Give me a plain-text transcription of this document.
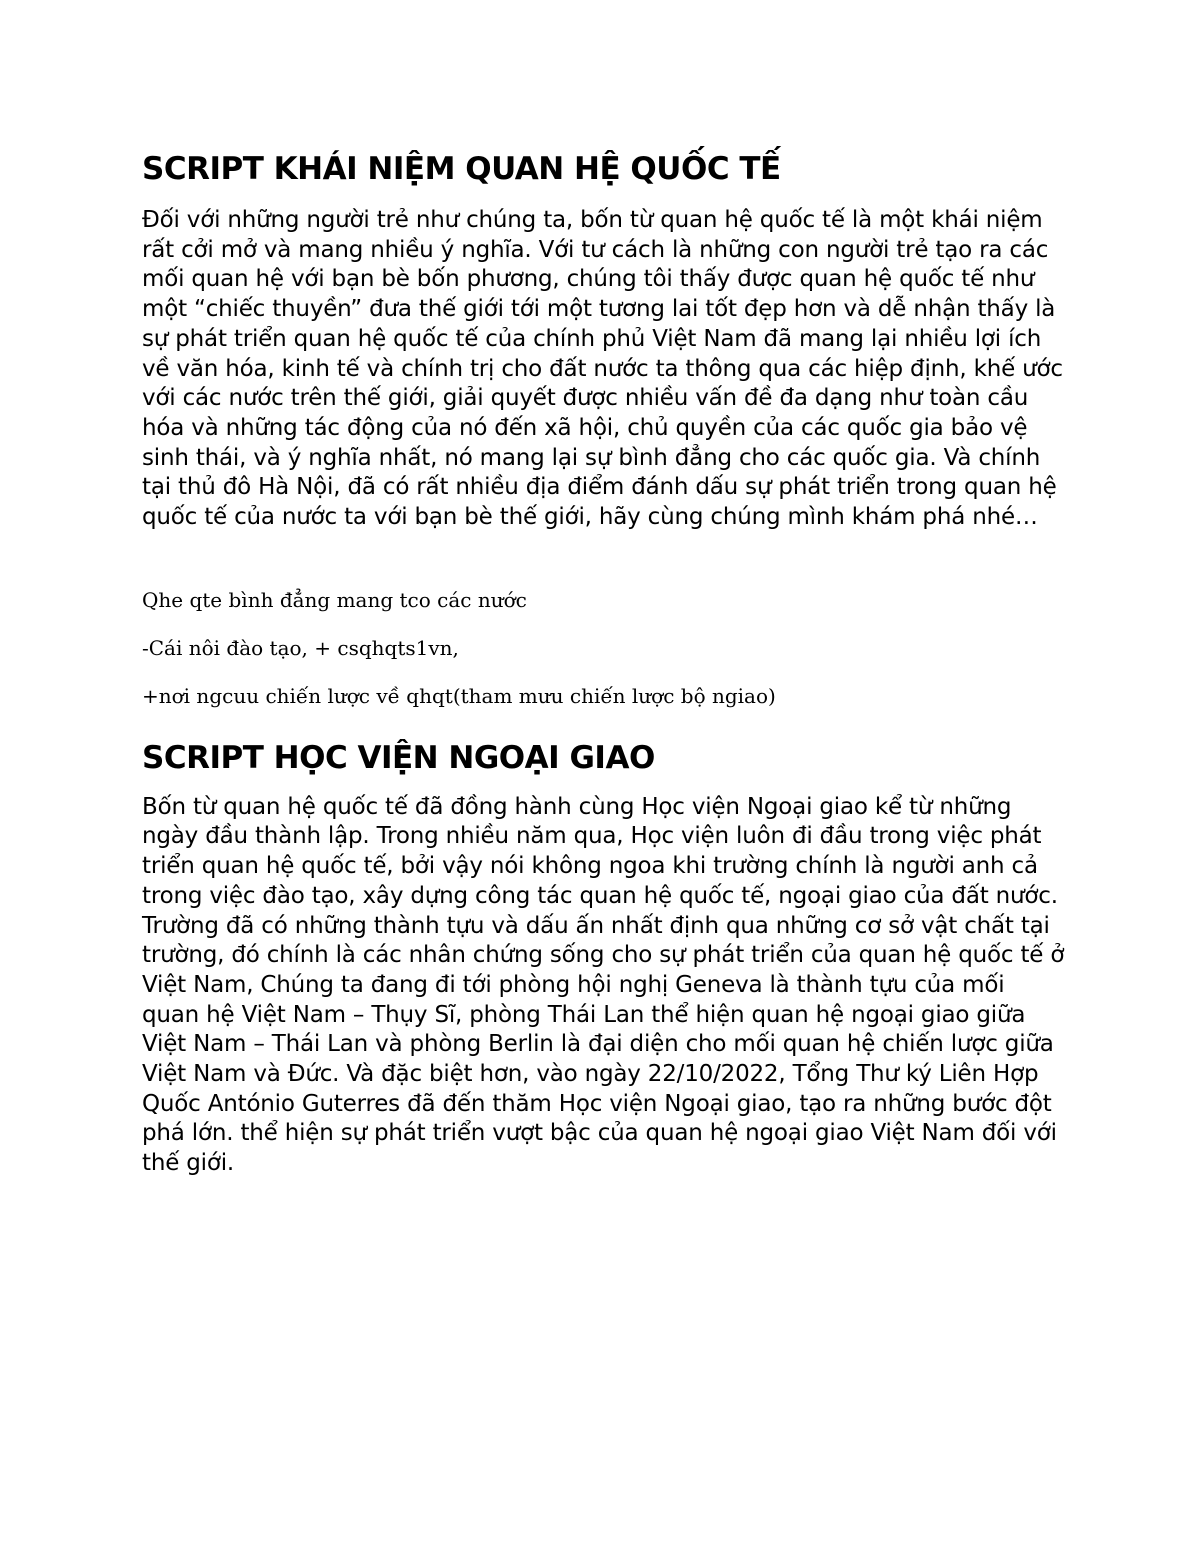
SCRIPT KHÁI NIỆM QUAN HỆ QUỐC TẾ

Đối với những người trẻ như chúng ta, bốn từ quan hệ quốc tế là một khái niệm rất cởi mở và mang nhiều ý nghĩa. Với tư cách là những con người trẻ tạo ra các mối quan hệ với bạn bè bốn phương, chúng tôi thấy được quan hệ quốc tế như một “chiếc thuyền” đưa thế giới tới một tương lai tốt đẹp hơn và dễ nhận thấy là sự phát triển quan hệ quốc tế của chính phủ Việt Nam đã mang lại nhiều lợi ích về văn hóa, kinh tế và chính trị cho đất nước ta thông qua các hiệp định, khế ước với các nước trên thế giới, giải quyết được nhiều vấn đề đa dạng như toàn cầu hóa và những tác động của nó đến xã hội, chủ quyền của các quốc gia bảo vệ sinh thái, và ý nghĩa nhất, nó mang lại sự bình đẳng cho các quốc gia. Và chính tại thủ đô Hà Nội, đã có rất nhiều địa điểm đánh dấu sự phát triển trong quan hệ quốc tế của nước ta với bạn bè thế giới, hãy cùng chúng mình khám phá nhé…

Qhe qte bình đẳng mang tco các nước

-Cái nôi đào tạo, + csqhqts1vn,

+nơi ngcuu chiến lược về qhqt(tham mưu chiến lược bộ ngiao)

SCRIPT HỌC VIỆN NGOẠI GIAO

Bốn từ quan hệ quốc tế đã đồng hành cùng Học viện Ngoại giao kể từ những ngày đầu thành lập. Trong nhiều năm qua, Học viện luôn đi đầu trong việc phát triển quan hệ quốc tế, bởi vậy nói không ngoa khi trường chính là người anh cả trong việc đào tạo, xây dựng công tác quan hệ quốc tế, ngoại giao của đất nước. Trường đã có những thành tựu và dấu ấn nhất định qua những cơ sở vật chất tại trường, đó chính là các nhân chứng sống cho sự phát triển của quan hệ quốc tế ở Việt Nam, Chúng ta đang đi tới phòng hội nghị Geneva là thành tựu của mối quan hệ Việt Nam – Thụy Sĩ, phòng Thái Lan thể hiện quan hệ ngoại giao giữa Việt Nam – Thái Lan và phòng Berlin là đại diện cho mối quan hệ chiến lược giữa Việt Nam và Đức. Và đặc biệt hơn, vào ngày 22/10/2022, Tổng Thư ký Liên Hợp Quốc António Guterres đã đến thăm Học viện Ngoại giao, tạo ra những bước đột phá lớn. thể hiện sự phát triển vượt bậc của quan hệ ngoại giao Việt Nam đối với thế giới.
